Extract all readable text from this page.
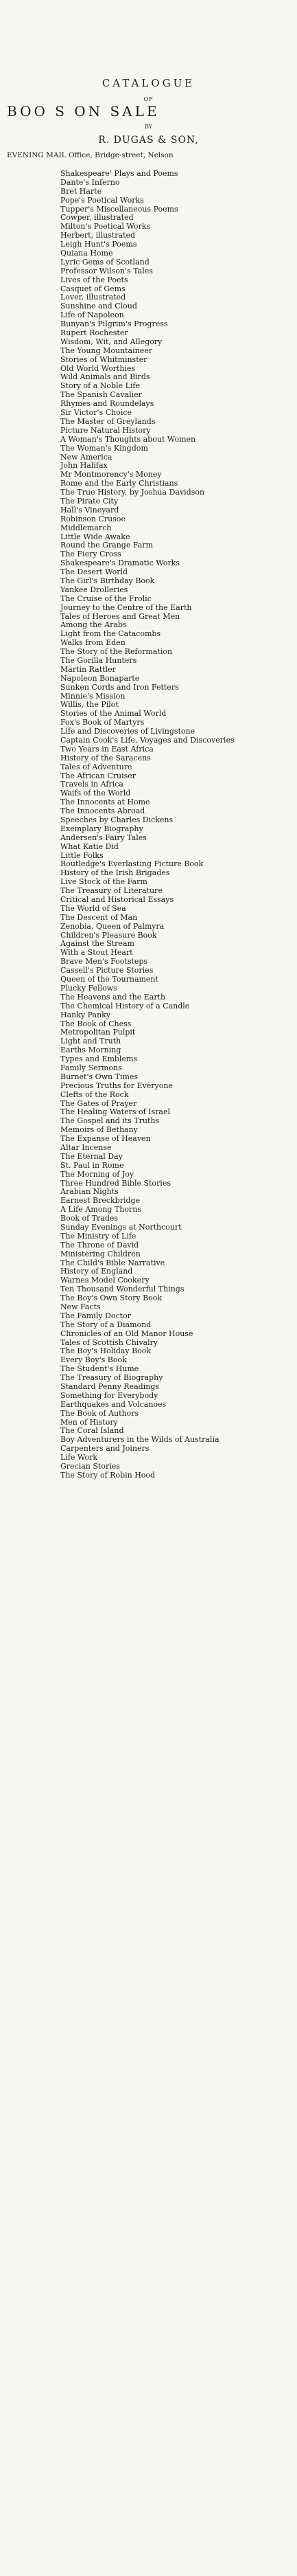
CATALOGUE
OF
BOO S ON SALE
BY
R. DUGAS & SON,
EVENING MAIL Office, Bridge-street, Nelson
Shakespeare' Plays and Poems
Dante's Inferno
Bret Harte
Pope's Poetical Works
Tupper's Miscellaneous Poems
Cowper, illustrated
Milton's Poetical Works
Herbert, illustrated
Leigh Hunt's Poems
Quiana Home
Lyric Gems of Scotland
Professor Wilson's Tales
Lives of the Poets
Casquet of Gems
Lover, illustrated
Sunshine and Cloud
Life of Napoleon
Bunyan's Pilgrim's Progress
Rupert Rochester
Wisdom, Wit, and Allegory
The Young Mountaineer
Stories of Whitminster
Old World Worthies
Wild Animals and Birds
Story of a Noble Life
The Spanish Cavalier
Rhymes and Roundelays
Sir Victor's Choice
The Master of Greylands
Picture Natural History
A Woman's Thoughts about Women
The Woman's Kingdom
New America
John Halifax
Mr Montmorency's Money
Rome and the Early Christians
The True History, by Joshua Davidson
The Pirate City
Hall's Vineyard
Robinson Crusoe
Middlemarch
Little Wide Awake
Round the Grange Farm
The Fiery Cross
Shakespeare's Dramatic Works
The Desert World
The Girl's Birthday Book
Yankee Drolleries
The Cruise of the Frolic
Journey to the Centre of the Earth
Tales of Heroes and Great Men
Among the Arabs
Light from the Catacombs
Walks from Eden
The Story of the Reformation
The Gorilla Hunters
Martin Rattler
Napoleon Bonaparte
Sunken Cords and Iron Fetters
Minnie's Mission
Willis, the Pilot
Stories of the Animal World
Fox's Book of Martyrs
Life and Discoveries of Livingstone
Captain Cook's Life, Voyages and Discoveries
Two Years in East Africa
History of the Saracens
Tales of Adventure
The African Cruiser
Travels in Africa
Waifs of the World
The Innocents at Home
The Innocents Abroad
Speeches by Charles Dickens
Exemplary Biography
Andersen's Fairy Tales
What Katie Did
Little Folks
Routledge's Everlasting Picture Book
History of the Irish Brigades
Live Stock of the Farm
The Treasury of Literature
Critical and Historical Essays
The World of Sea
The Descent of Man
Zenobia, Queen of Palmyra
Children's Pleasure Book
Against the Stream
With a Stout Heart
Brave Men's Footsteps
Cassell's Picture Stories
Queen of the Tournament
Plucky Fellows
The Heavens and the Earth
The Chemical History of a Candle
Hanky Panky
The Book of Chess
Metropolitan Pulpit
Light and Truth
Earths Morning
Types and Emblems
Family Sermons
Burnet's Own Times
Precious Truths for Everyone
Clefts of the Rock
The Gates of Prayer
The Healing Waters of Israel
The Gospel and its Truths
Memoirs of Bethany
The Expanse of Heaven
Altar Incense
The Eternal Day
St. Paul in Rome
The Morning of Joy
Three Hundred Bible Stories
Arabian Nights
Earnest Breckbridge
A Life Among Thorns
Book of Trades
Sunday Evenings at Northcourt
The Ministry of Life
The Throne of David
Ministering Children
The Child's Bible Narrative
History of England
Warnes Model Cookery
Ten Thousand Wonderful Things
The Boy's Own Story Book
New Facts
The Family Doctor
The Story of a Diamond
Chronicles of an Old Manor House
Tales of Scottish Chivalry
The Boy's Holiday Book
Every Boy's Book
The Student's Hume
The Treasury of Biography
Standard Penny Readings
Something for Everybody
Earthquakes and Volcanoes
The Book of Authors
Men of History
The Coral Island
Boy Adventurers in the Wilds of Australia
Carpenters and Joiners
Life Work
Grecian Stories
The Story of Robin Hood
